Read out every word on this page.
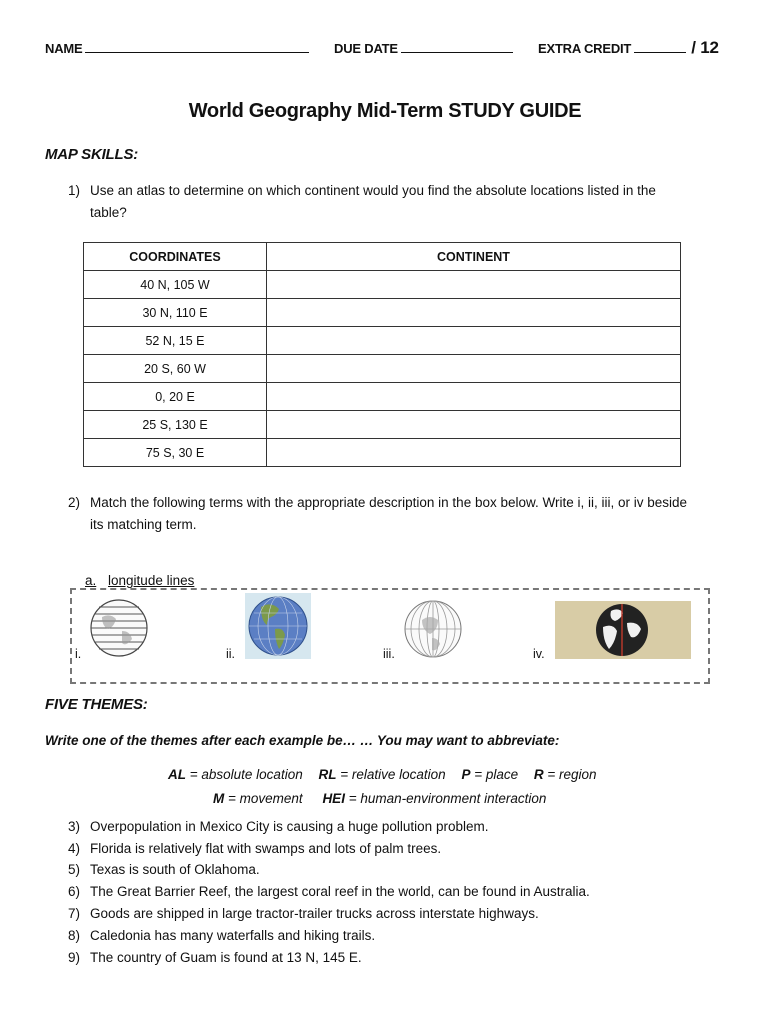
NAME	DUE DATE	EXTRA CREDIT	/ 12
World Geography Mid-Term STUDY GUIDE
MAP SKILLS:
1) Use an atlas to determine on which continent would you find the absolute locations listed in the table?
COORDINATES	CONTINENT
40 N, 105 W	
30 N, 110 E	
52 N, 15 E	
20 S, 60 W	
0, 20 E	
25 S, 130 E	
75 S, 30 E	
2) Match the following terms with the appropriate description in the box below. Write i, ii, iii, or iv beside its matching term.
a. longitude lines
i.	ii.	iii.	iv.
FIVE THEMES:
Write one of the themes after each example be… … You may want to abbreviate:
AL = absolute location RL = relative location P = place R = region
M = movement HEI = human-environment interaction
3) Overpopulation in Mexico City is causing a huge pollution problem.
4) Florida is relatively flat with swamps and lots of palm trees.
5) Texas is south of Oklahoma.
6) The Great Barrier Reef, the largest coral reef in the world, can be found in Australia.
7) Goods are shipped in large tractor-trailer trucks across interstate highways.
8) Caledonia has many waterfalls and hiking trails.
9) The country of Guam is found at 13 N, 145 E.
